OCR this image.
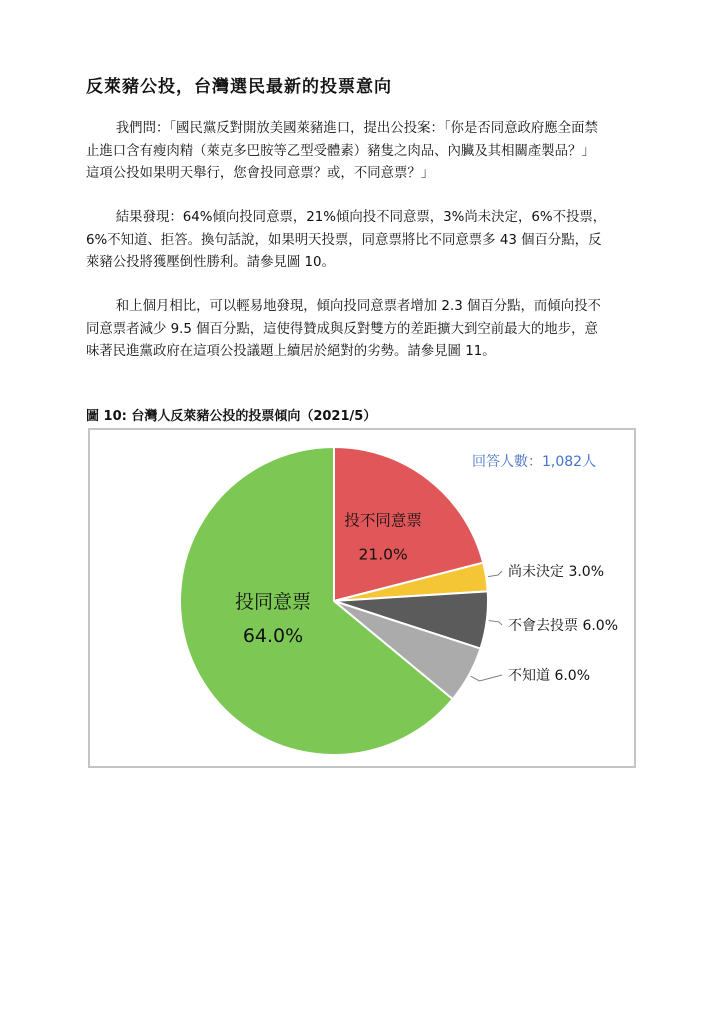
反萊豬公投，台灣選民最新的投票意向

我們問：「國民黨反對開放美國萊豬進口，提出公投案：「你是否同意政府應全面禁
止進口含有瘦肉精（萊克多巴胺等乙型受體素）豬隻之肉品、內臟及其相關產製品？」
這項公投如果明天舉行，您會投同意票？或，不同意票？」

結果發現：64%傾向投同意票，21%傾向投不同意票，3%尚未決定，6%不投票，
6%不知道、拒答。換句話說，如果明天投票，同意票將比不同意票多 43 個百分點，反
萊豬公投將獲壓倒性勝利。請參見圖 10。

和上個月相比，可以輕易地發現，傾向投同意票者增加 2.3 個百分點，而傾向投不
同意票者減少 9.5 個百分點，這使得贊成與反對雙方的差距擴大到空前最大的地步，意
味著民進黨政府在這項公投議題上續居於絕對的劣勢。請參見圖 11。

圖 10: 台灣人反萊豬公投的投票傾向（2021/5）
投不同意票
21.0%
尚未決定 3.0%
不會去投票 6.0%
不知道 6.0%
投同意票
64.0%
回答人數：1,082人
